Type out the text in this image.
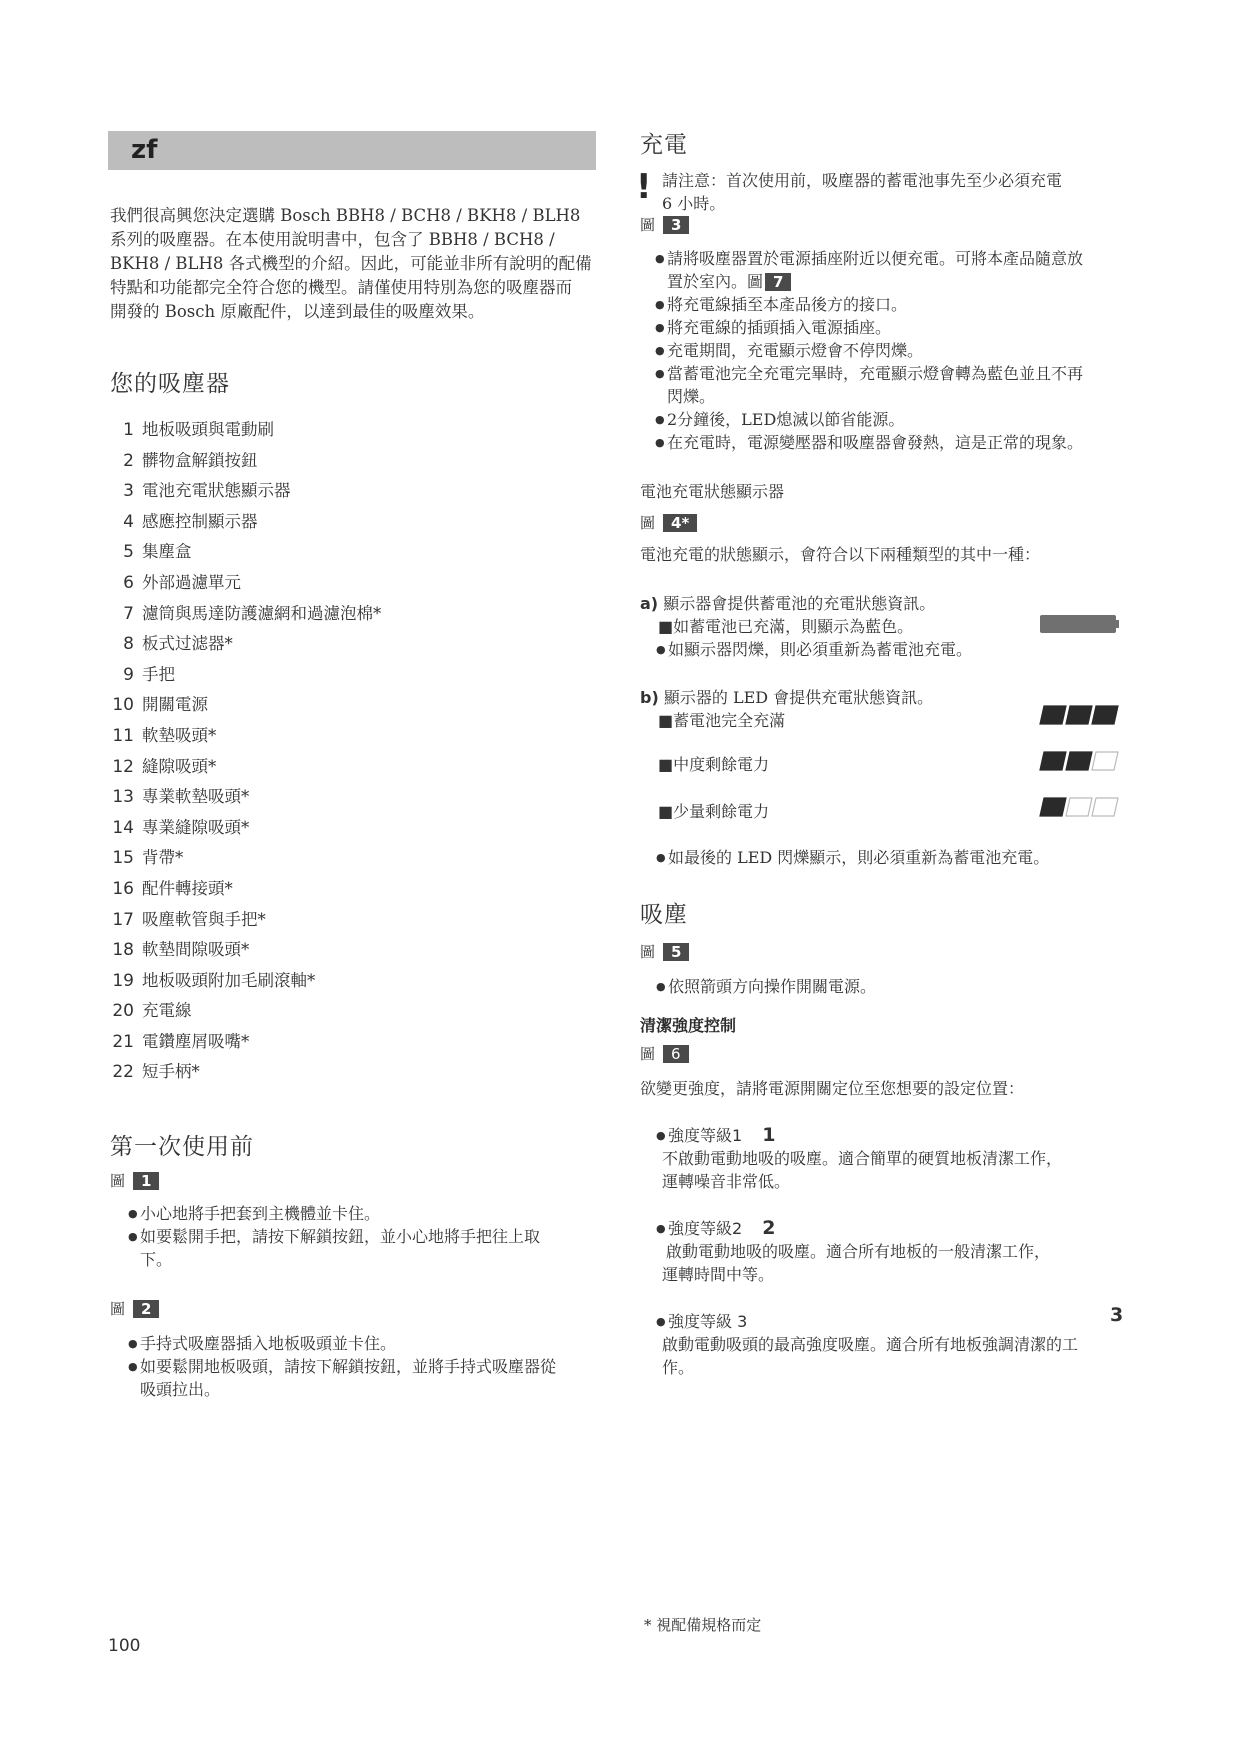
zf
我們很高興您決定選購 Bosch BBH8 / BCH8 / BKH8 / BLH8
系列的吸塵器。在本使用說明書中，包含了 BBH8 / BCH8 /
BKH8 / BLH8 各式機型的介紹。因此，可能並非所有說明的配備
特點和功能都完全符合您的機型。請僅使用特別為您的吸塵器而
開發的 Bosch 原廠配件，以達到最佳的吸塵效果。
您的吸塵器
1 地板吸頭與電動刷
2 髒物盒解鎖按鈕
3 電池充電狀態顯示器
4 感應控制顯示器
5 集塵盒
6 外部過濾單元
7 濾筒與馬達防護濾網和過濾泡棉*
8 板式过滤器*
9 手把
10 開關電源
11 軟墊吸頭*
12 縫隙吸頭*
13 專業軟墊吸頭*
14 專業縫隙吸頭*
15 背帶*
16 配件轉接頭*
17 吸塵軟管與手把*
18 軟墊間隙吸頭*
19 地板吸頭附加毛刷滾軸*
20 充電線
21 電鑽塵屑吸嘴*
22 短手柄*
第一次使用前
圖	1
● 小心地將手把套到主機體並卡住。
● 如要鬆開手把，請按下解鎖按鈕，並小心地將手把往上取
下。
圖	2
● 手持式吸塵器插入地板吸頭並卡住。
● 如要鬆開地板吸頭，請按下解鎖按鈕，並將手持式吸塵器從
吸頭拉出。
100
充電
! 請注意：首次使用前，吸塵器的蓄電池事先至少必須充電
6 小時。
圖	3
● 請將吸塵器置於電源插座附近以便充電。可將本產品隨意放
置於室內。圖 7
● 將充電線插至本產品後方的接口。
● 將充電線的插頭插入電源插座。
● 充電期間，充電顯示燈會不停閃爍。
● 當蓄電池完全充電完畢時，充電顯示燈會轉為藍色並且不再
閃爍。
● 2分鐘後，LED熄滅以節省能源。
● 在充電時，電源變壓器和吸塵器會發熱，這是正常的現象。
電池充電狀態顯示器
圖	4*
電池充電的狀態顯示，會符合以下兩種類型的其中一種：
a) 顯示器會提供蓄電池的充電狀態資訊。
■如蓄電池已充滿，則顯示為藍色。
● 如顯示器閃爍，則必須重新為蓄電池充電。
b) 顯示器的 LED 會提供充電狀態資訊。
■蓄電池完全充滿
■中度剩餘電力
■少量剩餘電力
● 如最後的 LED 閃爍顯示，則必須重新為蓄電池充電。
吸塵
圖	5
● 依照箭頭方向操作開關電源。
清潔強度控制
圖	6
欲變更強度，請將電源開關定位至您想要的設定位置：
● 強度等級1 1
不啟動電動地吸的吸塵。適合簡單的硬質地板清潔工作，
運轉噪音非常低。
● 強度等級2 2
啟動電動地吸的吸塵。適合所有地板的一般清潔工作，
運轉時間中等。
● 強度等級 3	3
啟動電動吸頭的最高強度吸塵。適合所有地板強調清潔的工
作。
* 視配備規格而定
